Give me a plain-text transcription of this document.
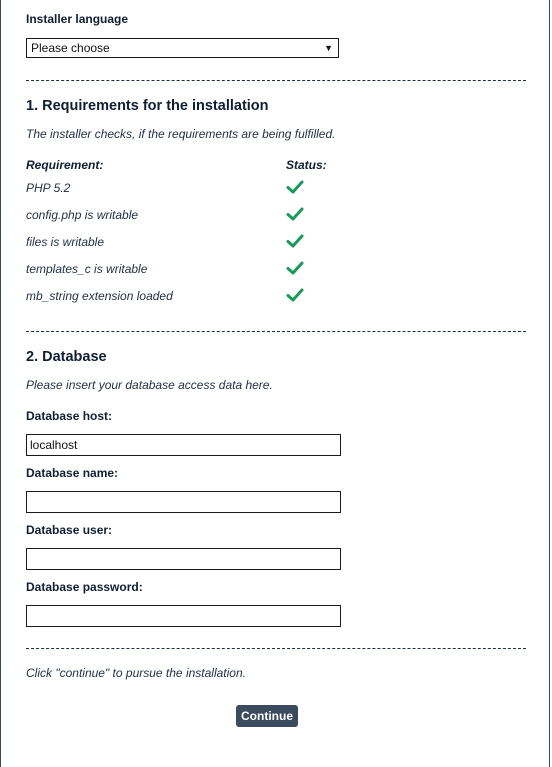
Installer language
Please choose	▼
1. Requirements for the installation
The installer checks, if the requirements are being fulfilled.
Requirement:	Status:
PHP 5.2
config.php is writable
files is writable
templates_c is writable
mb_string extension loaded
2. Database
Please insert your database access data here.
Database host:
localhost
Database name:
Database user:
Database password:
Click "continue" to pursue the installation.
Continue
